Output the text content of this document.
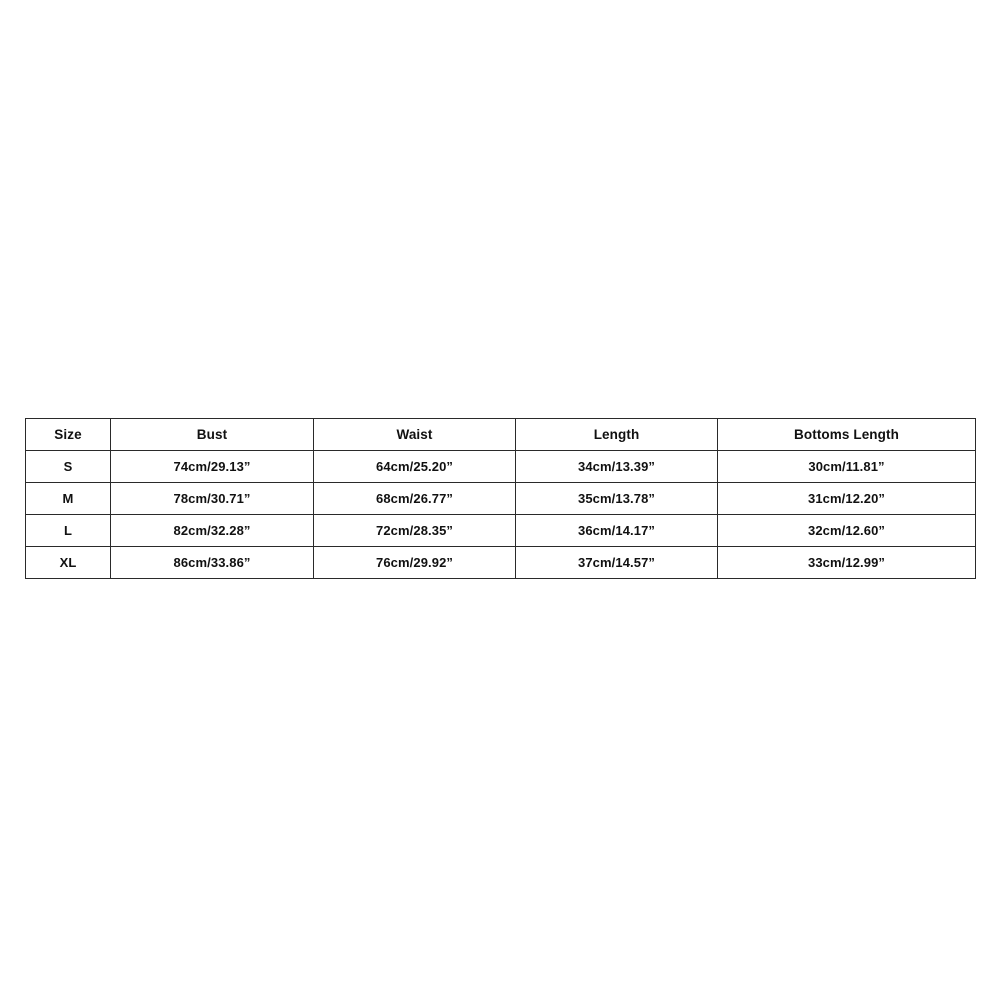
Size	Bust	Waist	Length	Bottoms Length
S	74cm/29.13”	64cm/25.20”	34cm/13.39”	30cm/11.81”
M	78cm/30.71”	68cm/26.77”	35cm/13.78”	31cm/12.20”
L	82cm/32.28”	72cm/28.35”	36cm/14.17”	32cm/12.60”
XL	86cm/33.86”	76cm/29.92”	37cm/14.57”	33cm/12.99”
